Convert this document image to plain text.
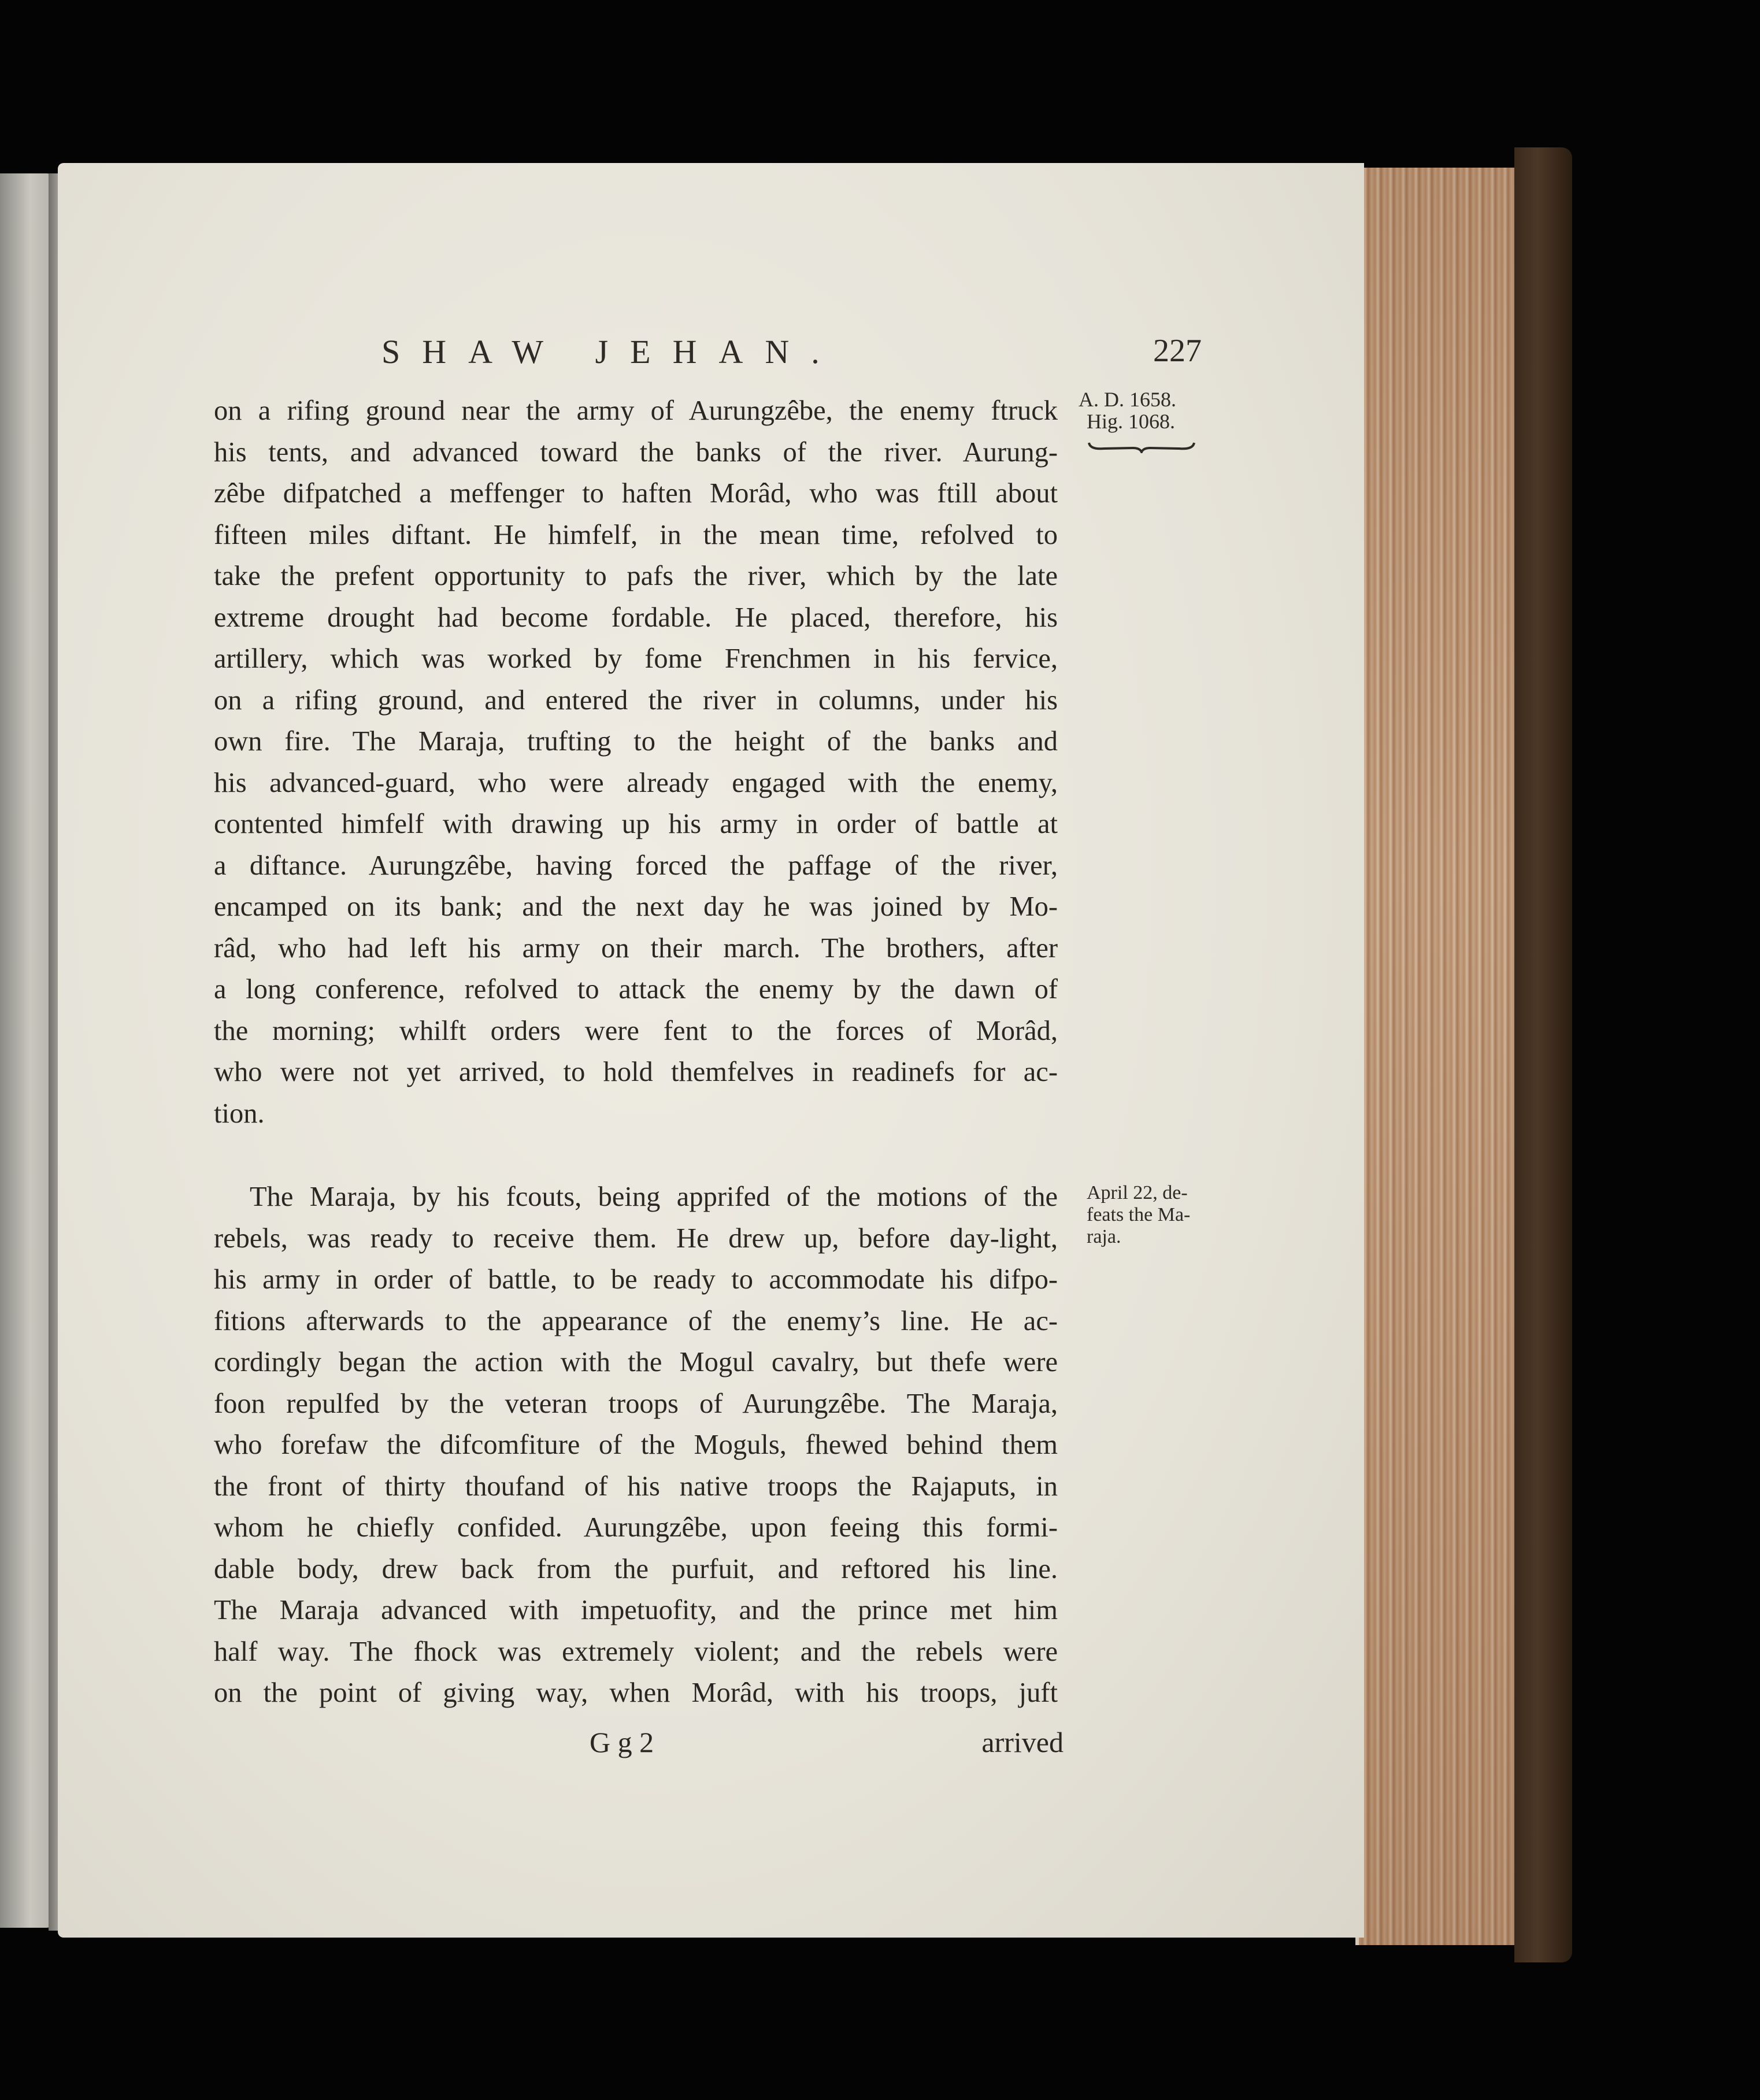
SHAW JEHAN.	227
A. D. 1658.
Hig. 1068.
on a rifing ground near the army of Aurungzêbe, the enemy ftruck
his tents, and advanced toward the banks of the river. Aurung-
zêbe difpatched a meffenger to haften Morâd, who was ftill about
fifteen miles diftant. He himfelf, in the mean time, refolved to
take the prefent opportunity to pafs the river, which by the late
extreme drought had become fordable. He placed, therefore, his
artillery, which was worked by fome Frenchmen in his fervice,
on a rifing ground, and entered the river in columns, under his
own fire. The Maraja, trufting to the height of the banks and
his advanced-guard, who were already engaged with the enemy,
contented himfelf with drawing up his army in order of battle at
a diftance. Aurungzêbe, having forced the paffage of the river,
encamped on its bank; and the next day he was joined by Mo-
râd, who had left his army on their march. The brothers, after
a long conference, refolved to attack the enemy by the dawn of
the morning; whilft orders were fent to the forces of Morâd,
who were not yet arrived, to hold themfelves in readinefs for ac-
tion.
April 22, de-
feats the Ma-
raja.
The Maraja, by his fcouts, being apprifed of the motions of the
rebels, was ready to receive them. He drew up, before day-light,
his army in order of battle, to be ready to accommodate his difpo-
fitions afterwards to the appearance of the enemy’s line. He ac-
cordingly began the action with the Mogul cavalry, but thefe were
foon repulfed by the veteran troops of Aurungzêbe. The Maraja,
who forefaw the difcomfiture of the Moguls, fhewed behind them
the front of thirty thoufand of his native troops the Rajaputs, in
whom he chiefly confided. Aurungzêbe, upon feeing this formi-
dable body, drew back from the purfuit, and reftored his line.
The Maraja advanced with impetuofity, and the prince met him
half way. The fhock was extremely violent; and the rebels were
on the point of giving way, when Morâd, with his troops, juft
G g 2	arrived
